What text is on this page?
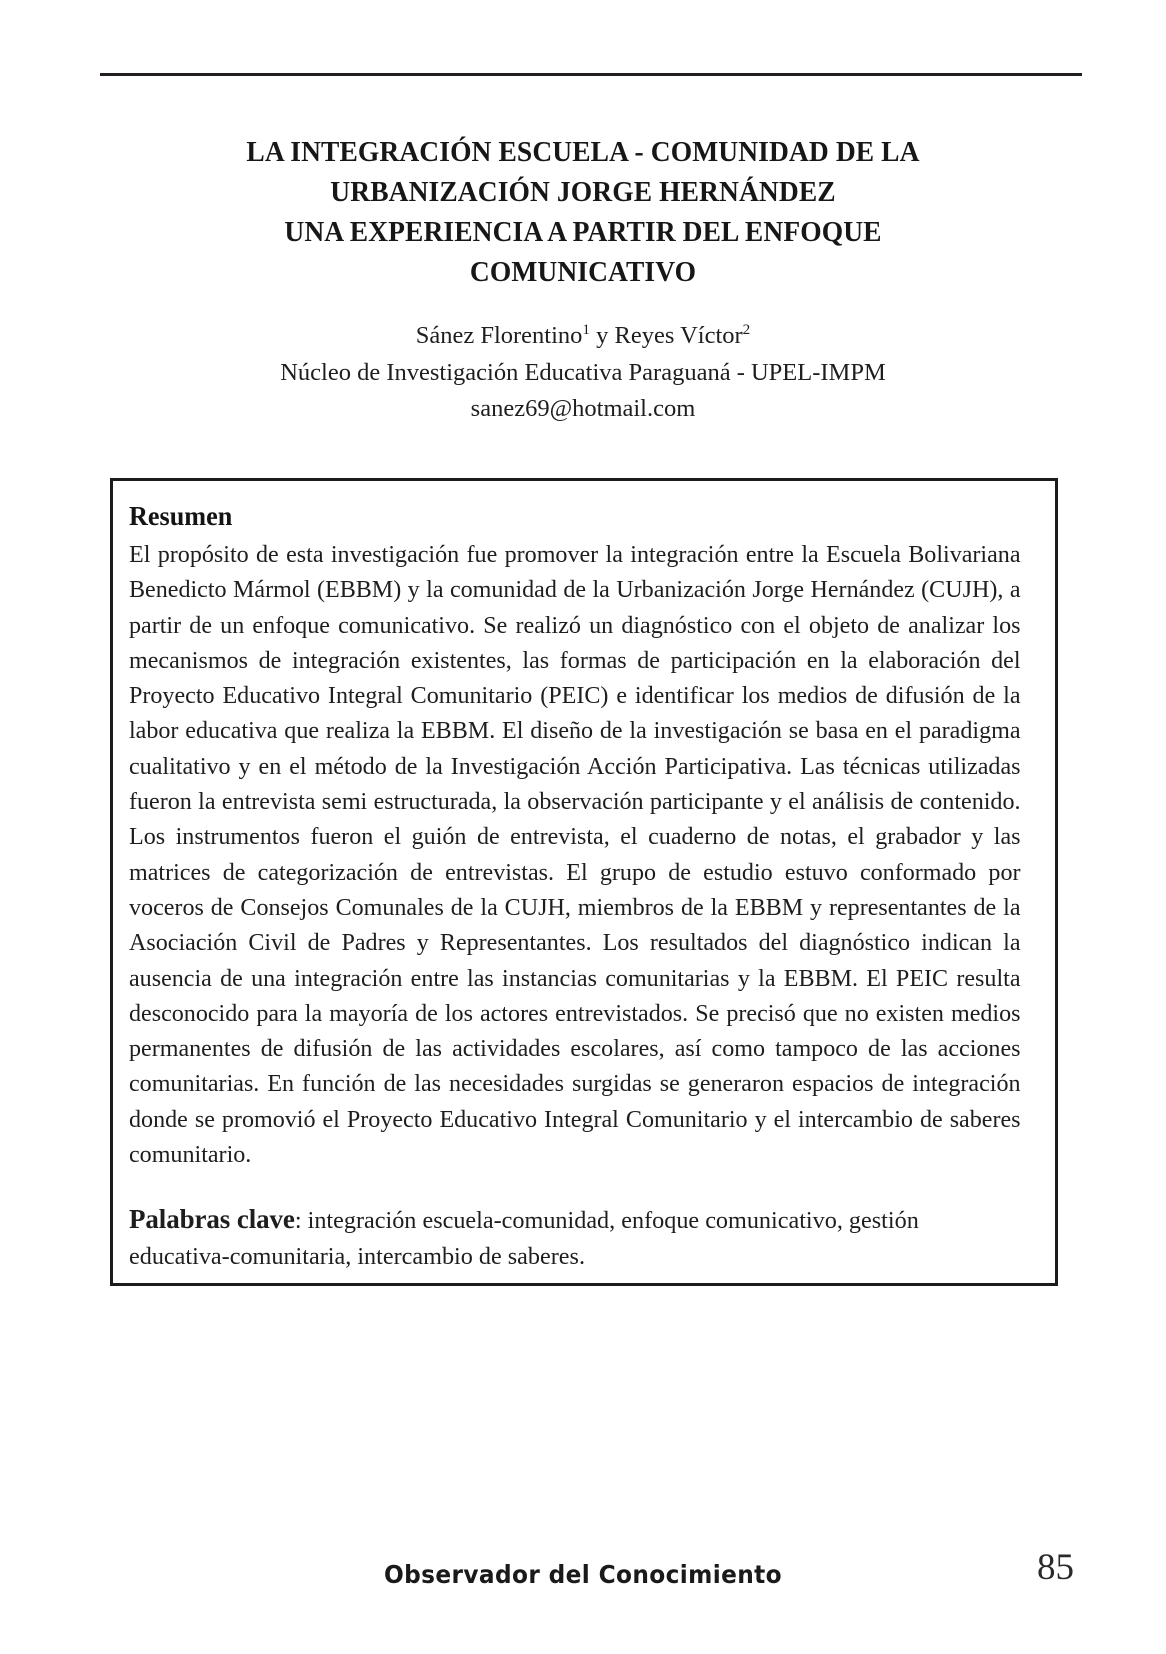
LA INTEGRACIÓN ESCUELA - COMUNIDAD DE LA
URBANIZACIÓN JORGE HERNÁNDEZ
UNA EXPERIENCIA A PARTIR DEL ENFOQUE
COMUNICATIVO
Sánez Florentino$^1$ y Reyes Víctor$^2$
Núcleo de Investigación Educativa Paraguaná - UPEL-IMPM
sanez69@hotmail.com
Resumen
El propósito de esta investigación fue promover la integración entre la Escuela Bolivariana Benedicto Mármol (EBBM) y la comunidad de la Urbanización Jorge Hernández (CUJH), a partir de un enfoque comunicativo. Se realizó un diagnóstico con el objeto de analizar los mecanismos de integración existentes, las formas de participación en la elaboración del Proyecto Educativo Integral Comunitario (PEIC) e identificar los medios de difusión de la labor educativa que realiza la EBBM. El diseño de la investigación se basa en el paradigma cualitativo y en el método de la Investigación Acción Participativa. Las técnicas utilizadas fueron la entrevista semi estructurada, la observación participante y el análisis de contenido. Los instrumentos fueron el guión de entrevista, el cuaderno de notas, el grabador y las matrices de categorización de entrevistas. El grupo de estudio estuvo conformado por voceros de Consejos Comunales de la CUJH, miembros de la EBBM y representantes de la Asociación Civil de Padres y Representantes. Los resultados del diagnóstico indican la ausencia de una integración entre las instancias comunitarias y la EBBM. El PEIC resulta desconocido para la mayoría de los actores entrevistados. Se precisó que no existen medios permanentes de difusión de las actividades escolares, así como tampoco de las acciones comunitarias. En función de las necesidades surgidas se generaron espacios de integración donde se promovió el Proyecto Educativo Integral Comunitario y el intercambio de saberes comunitario.
Palabras clave: integración escuela-comunidad, enfoque comunicativo, gestión educativa-comunitaria, intercambio de saberes.
Observador del Conocimiento	85
